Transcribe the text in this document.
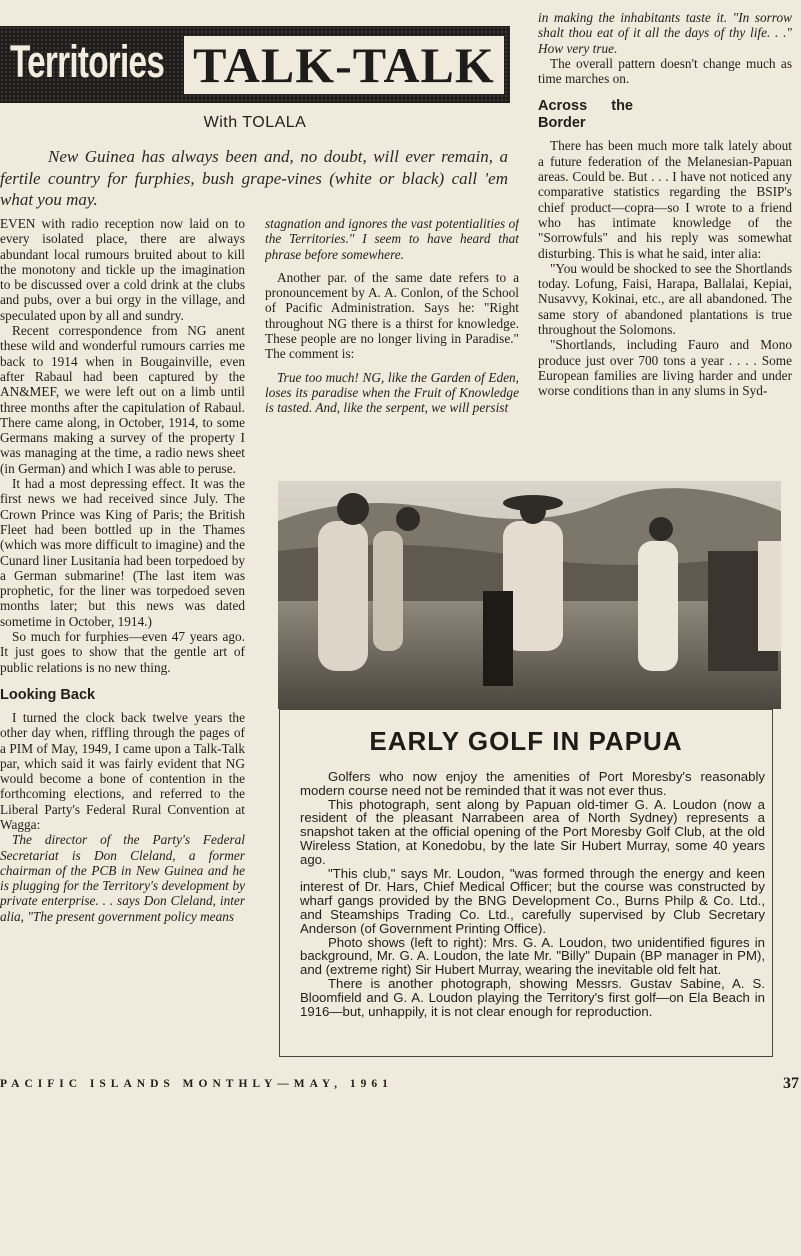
Territories TALK-TALK
With TOLALA

New Guinea has always been and, no doubt, will ever remain, a fertile country for furphies, bush grape-vines (white or black) call 'em what you may.

EVEN with radio reception now laid on to every isolated place, there are always abundant local rumours bruited about to kill the monotony and tickle up the imagination to be discussed over a cold drink at the clubs and pubs, over a bui orgy in the village, and speculated upon by all and sundry.

Recent correspondence from NG anent these wild and wonderful rumours carries me back to 1914 when in Bougainville, even after Rabaul had been captured by the AN&MEF, we were left out on a limb until three months after the capitulation of Rabaul. There came along, in October, 1914, to some Germans making a survey of the property I was managing at the time, a radio news sheet (in German) and which I was able to peruse.

It had a most depressing effect. It was the first news we had received since July. The Crown Prince was King of Paris; the British Fleet had been bottled up in the Thames (which was more difficult to imagine) and the Cunard liner Lusitania had been torpedoed by a German submarine! (The last item was prophetic, for the liner was torpedoed seven months later; but this news was dated sometime in October, 1914.)

So much for furphies—even 47 years ago. It just goes to show that the gentle art of public relations is no new thing.

Looking Back

I turned the clock back twelve years the other day when, riffling through the pages of a PIM of May, 1949, I came upon a Talk-Talk par, which said it was fairly evident that NG would become a bone of contention in the forthcoming elections, and referred to the Liberal Party's Federal Rural Convention at Wagga:

The director of the Party's Federal Secretariat is Don Cleland, a former chairman of the PCB in New Guinea and he is plugging for the Territory's development by private enterprise. . . says Don Cleland, inter alia, "The present government policy means

stagnation and ignores the vast potentialities of the Territories." I seem to have heard that phrase before somewhere.

Another par. of the same date refers to a pronouncement by A. A. Conlon, of the School of Pacific Administration. Says he: "Right throughout NG there is a thirst for knowledge. These people are no longer living in Paradise." The comment is:

True too much! NG, like the Garden of Eden, loses its paradise when the Fruit of Knowledge is tasted. And, like the serpent, we will persist

in making the inhabitants taste it. "In sorrow shalt thou eat of it all the days of thy life. . ." How very true.

The overall pattern doesn't change much as time marches on.

Across the Border

There has been much more talk lately about a future federation of the Melanesian-Papuan areas. Could be. But . . . I have not noticed any comparative statistics regarding the BSIP's chief product—copra—so I wrote to a friend who has intimate knowledge of the "Sorrowfuls" and his reply was somewhat disturbing. This is what he said, inter alia:

"You would be shocked to see the Shortlands today. Lofung, Faisi, Harapa, Ballalai, Kepiai, Nusavvy, Kokinai, etc., are all abandoned. The same story of abandoned plantations is true throughout the Solomons.

"Shortlands, including Fauro and Mono produce just over 700 tons a year . . . . Some European families are living harder and under worse conditions than in any slums in Syd-

EARLY GOLF IN PAPUA

Golfers who now enjoy the amenities of Port Moresby's reasonably modern course need not be reminded that it was not ever thus.

This photograph, sent along by Papuan old-timer G. A. Loudon (now a resident of the pleasant Narrabeen area of North Sydney) represents a snapshot taken at the official opening of the Port Moresby Golf Club, at the old Wireless Station, at Konedobu, by the late Sir Hubert Murray, some 40 years ago.

"This club," says Mr. Loudon, "was formed through the energy and keen interest of Dr. Hars, Chief Medical Officer; but the course was constructed by wharf gangs provided by the BNG Development Co., Burns Philp & Co. Ltd., and Steamships Trading Co. Ltd., carefully supervised by Club Secretary Anderson (of Government Printing Office).

Photo shows (left to right): Mrs. G. A. Loudon, two unidentified figures in background, Mr. G. A. Loudon, the late Mr. "Billy" Dupain (BP manager in PM), and (extreme right) Sir Hubert Murray, wearing the inevitable old felt hat.

There is another photograph, showing Messrs. Gustav Sabine, A. S. Bloomfield and G. A. Loudon playing the Territory's first golf—on Ela Beach in 1916—but, unhappily, it is not clear enough for reproduction.

PACIFIC ISLANDS MONTHLY—MAY, 1961	37
